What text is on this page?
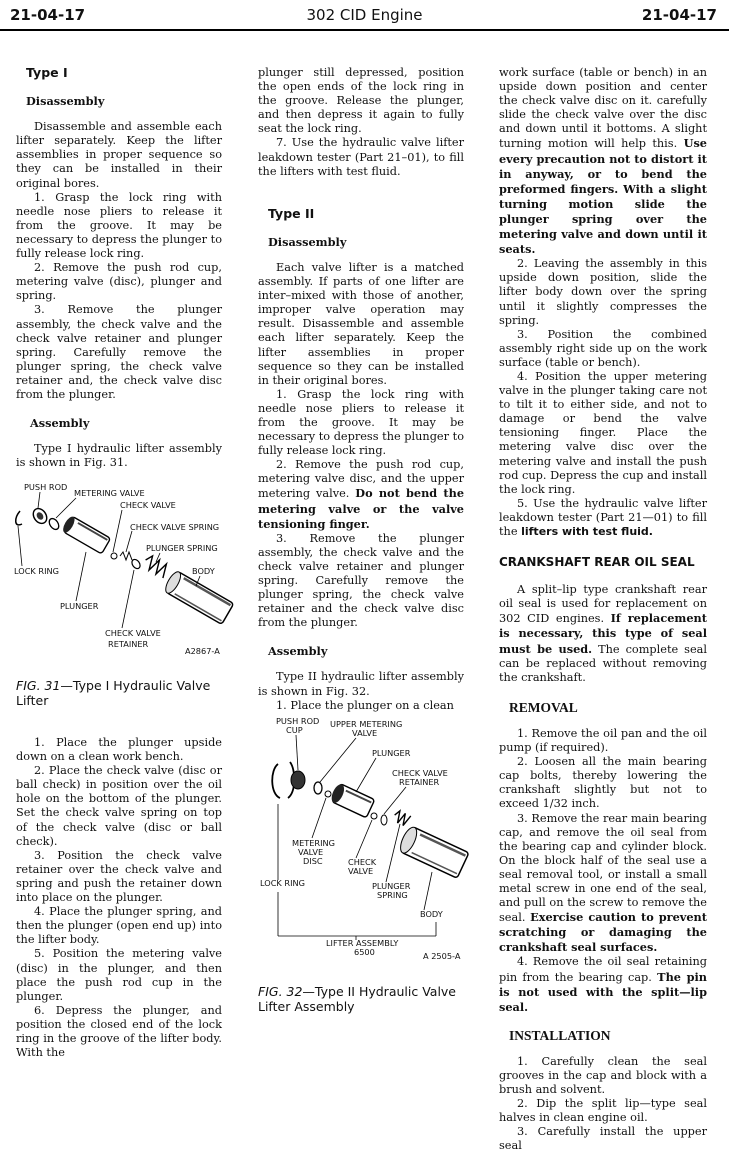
21-04-17	302 CID Engine	21-04-17

Type I

Disassembly

Disassemble and assemble each lifter separately. Keep the lifter assemblies in proper sequence so they can be installed in their original bores.

1. Grasp the lock ring with needle nose pliers to release it from the groove. It may be necessary to depress the plunger to fully release lock ring.

2. Remove the push rod cup, metering valve (disc), plunger and spring.

3. Remove the plunger assembly, the check valve and the check valve retainer and plunger spring. Carefully remove the plunger spring, the check valve retainer and, the check valve disc from the plunger.

Assembly

Type I hydraulic lifter assembly is shown in Fig. 31.

PUSH ROD
METERING VALVE
CHECK VALVE
CHECK VALVE SPRING
PLUNGER SPRING
LOCK RING	BODY
PLUNGER
CHECK VALVE
RETAINER
A2867-A
FIG. 31—Type I Hydraulic Valve Lifter

1. Place the plunger upside down on a clean work bench.

2. Place the check valve (disc or ball check) in position over the oil hole on the bottom of the plunger. Set the check valve spring on top of the check valve (disc or ball check).

3. Position the check valve retainer over the check valve and spring and push the retainer down into place on the plunger.

4. Place the plunger spring, and then the plunger (open end up) into the lifter body.

5. Position the metering valve (disc) in the plunger, and then place the push rod cup in the plunger.

6. Depress the plunger, and position the closed end of the lock ring in the groove of the lifter body. With the

plunger still depressed, position the open ends of the lock ring in the groove. Release the plunger, and then depress it again to fully seat the lock ring.

7. Use the hydraulic valve lifter leakdown tester (Part 21–01), to fill the lifters with test fluid.

Type II

Disassembly

Each valve lifter is a matched assembly. If parts of one lifter are inter–mixed with those of another, improper valve operation may result. Disassemble and assemble each lifter separately. Keep the lifter assemblies in proper sequence so they can be installed in their original bores.

1. Grasp the lock ring with needle nose pliers to release it from the groove. It may be necessary to depress the plunger to fully release lock ring.

2. Remove the push rod cup, metering valve disc, and the upper metering valve. Do not bend the metering valve or the valve tensioning finger.

3. Remove the plunger assembly, the check valve and the check valve retainer and plunger spring. Carefully remove the plunger spring, the check valve retainer and the check valve disc from the plunger.

Assembly

Type II hydraulic lifter assembly is shown in Fig. 32.

1. Place the plunger on a clean

PUSH ROD
CUP
UPPER METERING
VALVE
PLUNGER
CHECK VALVE
RETAINER
METERING
VALVE
DISC	CHECK
VALVE
LOCK RING	PLUNGER
SPRING
BODY
LIFTER ASSEMBLY
6500	A 2505-A
FIG. 32—Type II Hydraulic Valve Lifter Assembly

work surface (table or bench) in an upside down position and center the check valve disc on it. carefully slide the check valve over the disc and down until it bottoms. A slight turning motion will help this. Use every precaution not to distort it in anyway, or to bend the preformed fingers. With a slight turning motion slide the plunger spring over the metering valve and down until it seats.

2. Leaving the assembly in this upside down position, slide the lifter body down over the spring until it slightly compresses the spring.

3. Position the combined assembly right side up on the work surface (table or bench).

4. Position the upper metering valve in the plunger taking care not to tilt it to either side, and not to damage or bend the valve tensioning finger. Place the metering valve disc over the metering valve and install the push rod cup. Depress the cup and install the lock ring.

5. Use the hydraulic valve lifter leakdown tester (Part 21—01) to fill the lifters with test fluid.

CRANKSHAFT REAR OIL SEAL

A split–lip type crankshaft rear oil seal is used for replacement on 302 CID engines. If replacement is necessary, this type of seal must be used. The complete seal can be replaced without removing the crankshaft.

REMOVAL

1. Remove the oil pan and the oil pump (if required).

2. Loosen all the main bearing cap bolts, thereby lowering the crankshaft slightly but not to exceed 1/32 inch.

3. Remove the rear main bearing cap, and remove the oil seal from the bearing cap and cylinder block. On the block half of the seal use a seal removal tool, or install a small metal screw in one end of the seal, and pull on the screw to remove the seal. Exercise caution to prevent scratching or damaging the crankshaft seal surfaces.

4. Remove the oil seal retaining pin from the bearing cap. The pin is not used with the split—lip seal.

INSTALLATION

1. Carefully clean the seal grooves in the cap and block with a brush and solvent.

2. Dip the split lip—type seal halves in clean engine oil.

3. Carefully install the upper seal
